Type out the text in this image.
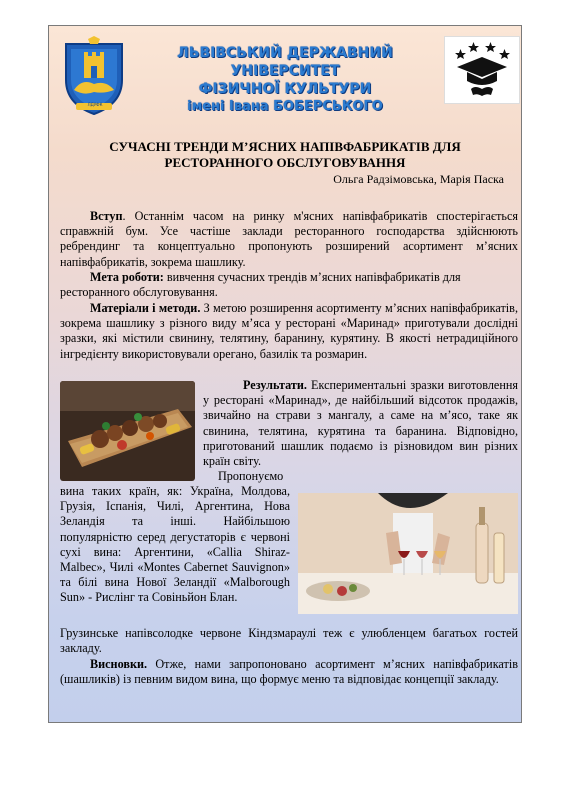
ЛДУФК
ЛЬВІВСЬКИЙ ДЕРЖАВНИЙ УНІВЕРСИТЕТ
ФІЗИЧНОЇ КУЛЬТУРИ
імені Івана БОБЕРСЬКОГО
СУЧАСНІ ТРЕНДИ М’ЯСНИХ НАПІВФАБРИКАТІВ ДЛЯ
РЕСТОРАННОГО ОБСЛУГОВУВАННЯ
Ольга Радзімовська, Марія Паска
Вступ. Останнім часом на ринку м'ясних напівфабрикатів спостерігається справжній бум. Усе частіше заклади ресторанного господарства здійснюють ребрендинг та концептуально пропонують розширений асортимент м’ясних напівфабрикатів, зокрема шашлику.
Мета роботи: вивчення сучасних трендів м’ясних напівфабрикатів для ресторанного обслуговування.
Матеріали і методи. З метою розширення асортименту м’ясних напівфабрикатів, зокрема шашлику з різного виду м’яса у ресторані «Маринад» приготували дослідні зразки, які містили свинину, телятину, баранину, курятину. В якості нетрадиційного інгредієнту використовували орегано, базилік та розмарин.
Результати. Експериментальні зразки виготовлення у ресторані «Маринад», де найбільший відсоток продажів, звичайно на страви з мангалу, а саме на м’ясо, таке як свинина, телятина, курятина та баранина. Відповідно, приготований шашлик подаємо із різновидом вин різних країн світу.
Пропонуємо
вина таких країн, як: Україна, Молдова, Грузія, Іспанія, Чилі, Аргентина, Нова Зеландія та інші. Найбільшою популярністю серед дегустаторів є червоні сухі вина: Аргентини, «Callia Shiraz-Malbec», Чилі «Montes Cabernet Sauvignon» та білі вина Нової Зеландії «Malborough Sun» - Рислінг та Совіньйон Блан.
Грузинське напівсолодке червоне Кіндзмараулі теж є улюбленцем багатьох гостей закладу.
Висновки. Отже, нами запропоновано асортимент м’ясних напівфабрикатів (шашликів) із певним видом вина, що формує меню та відповідає концепції закладу.
